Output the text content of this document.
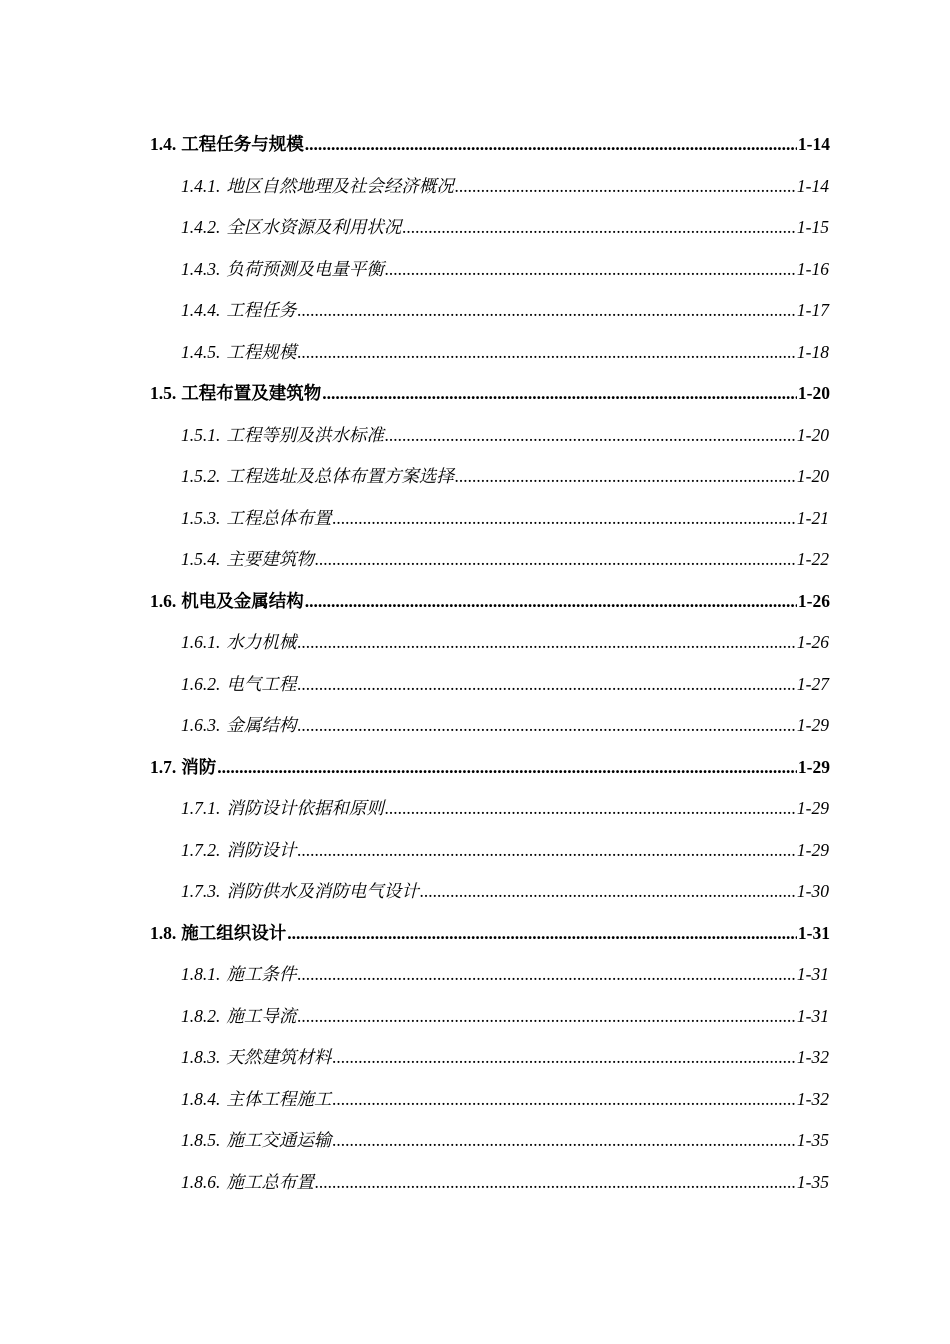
1.4. 工程任务与规模 .....	1-14
1.4.1. 地区自然地理及社会经济概况 .....	1-14
1.4.2. 全区水资源及利用状况 .....	1-15
1.4.3. 负荷预测及电量平衡 .....	1-16
1.4.4. 工程任务 .....	1-17
1.4.5. 工程规模 .....	1-18
1.5. 工程布置及建筑物 .....	1-20
1.5.1. 工程等别及洪水标准 .....	1-20
1.5.2. 工程选址及总体布置方案选择 .....	1-20
1.5.3. 工程总体布置 .....	1-21
1.5.4. 主要建筑物 .....	1-22
1.6. 机电及金属结构 .....	1-26
1.6.1. 水力机械 .....	1-26
1.6.2. 电气工程 .....	1-27
1.6.3. 金属结构 .....	1-29
1.7. 消防 .....	1-29
1.7.1. 消防设计依据和原则 .....	1-29
1.7.2. 消防设计 .....	1-29
1.7.3. 消防供水及消防电气设计 .....	1-30
1.8. 施工组织设计 .....	1-31
1.8.1. 施工条件 .....	1-31
1.8.2. 施工导流 .....	1-31
1.8.3. 天然建筑材料 .....	1-32
1.8.4. 主体工程施工 .....	1-32
1.8.5. 施工交通运输 .....	1-35
1.8.6. 施工总布置 .....	1-35
